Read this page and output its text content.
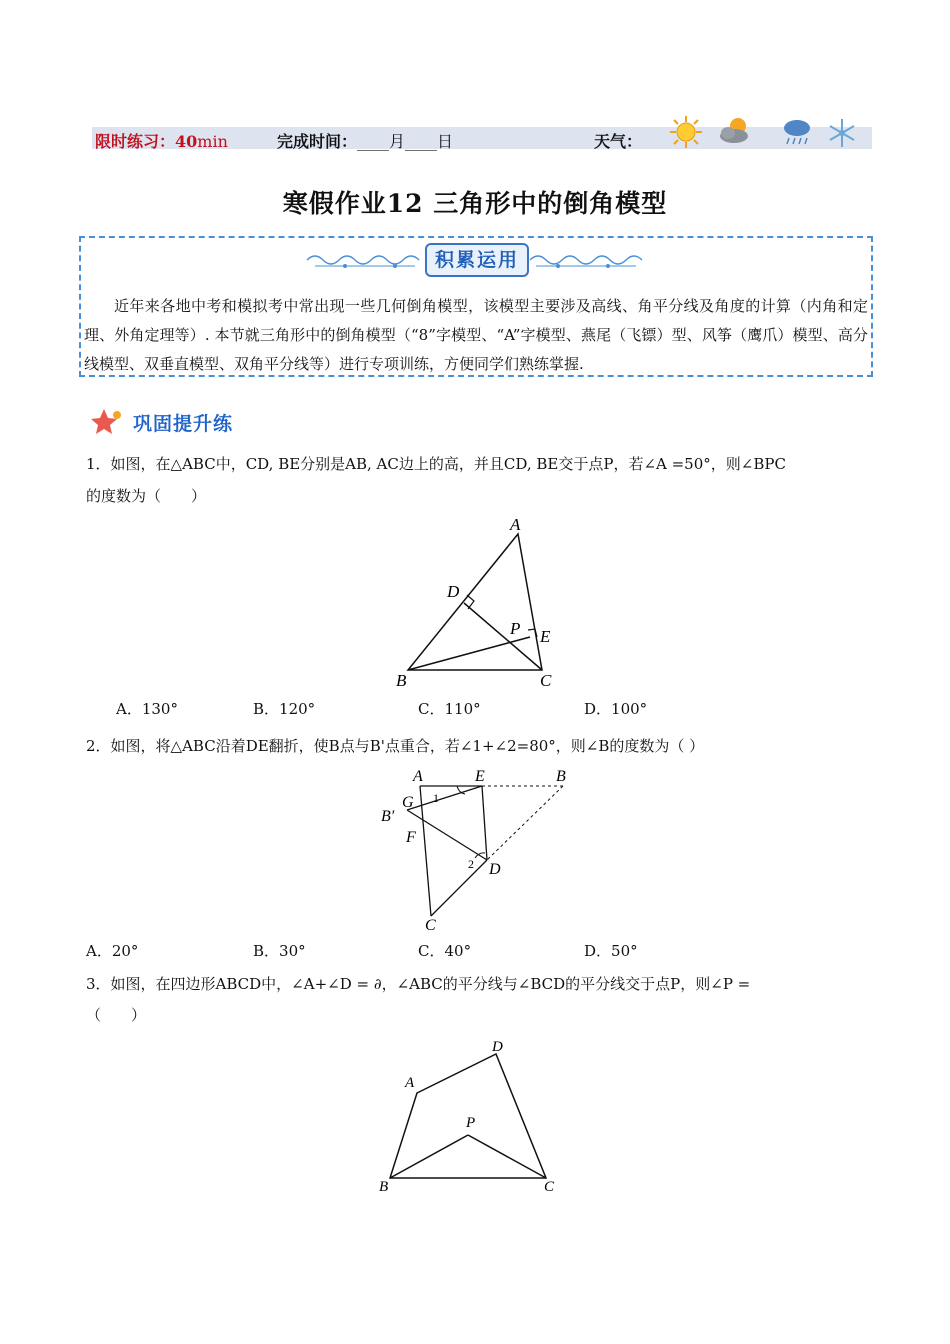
限时练习：40min	完成时间：____月____日	天气：
寒假作业12 三角形中的倒角模型
积累运用
近年来各地中考和模拟考中常出现一些几何倒角模型，该模型主要涉及高线、角平分线及角度的计算（内角和定理、外角定理等）. 本节就三角形中的倒角模型（“8”字模型、“A”字模型、燕尾（飞镖）型、风筝（鹰爪）模型、高分线模型、双垂直模型、双角平分线等）进行专项训练，方便同学们熟练掌握.
巩固提升练
1．如图，在△ABC中，CD, BE分别是AB, AC边上的高，并且CD, BE交于点P，若∠A =50°，则∠BPC
的度数为（　　）
A
D
P E
B	C
A．130°	B．120°	C．110°	D．100°
2．如图，将△ABC沿着DE翻折，使B点与B'点重合，若∠1+∠2=80°，则∠B的度数为（ ）
A	E	B
G 1
B′
F
2 D
C
A．20°	B．30°	C．40°	D．50°
3．如图，在四边形ABCD中，∠A+∠D = ∂，∠ABC的平分线与∠BCD的平分线交于点P，则∠P =
（　　）
A
D
P
B	C
